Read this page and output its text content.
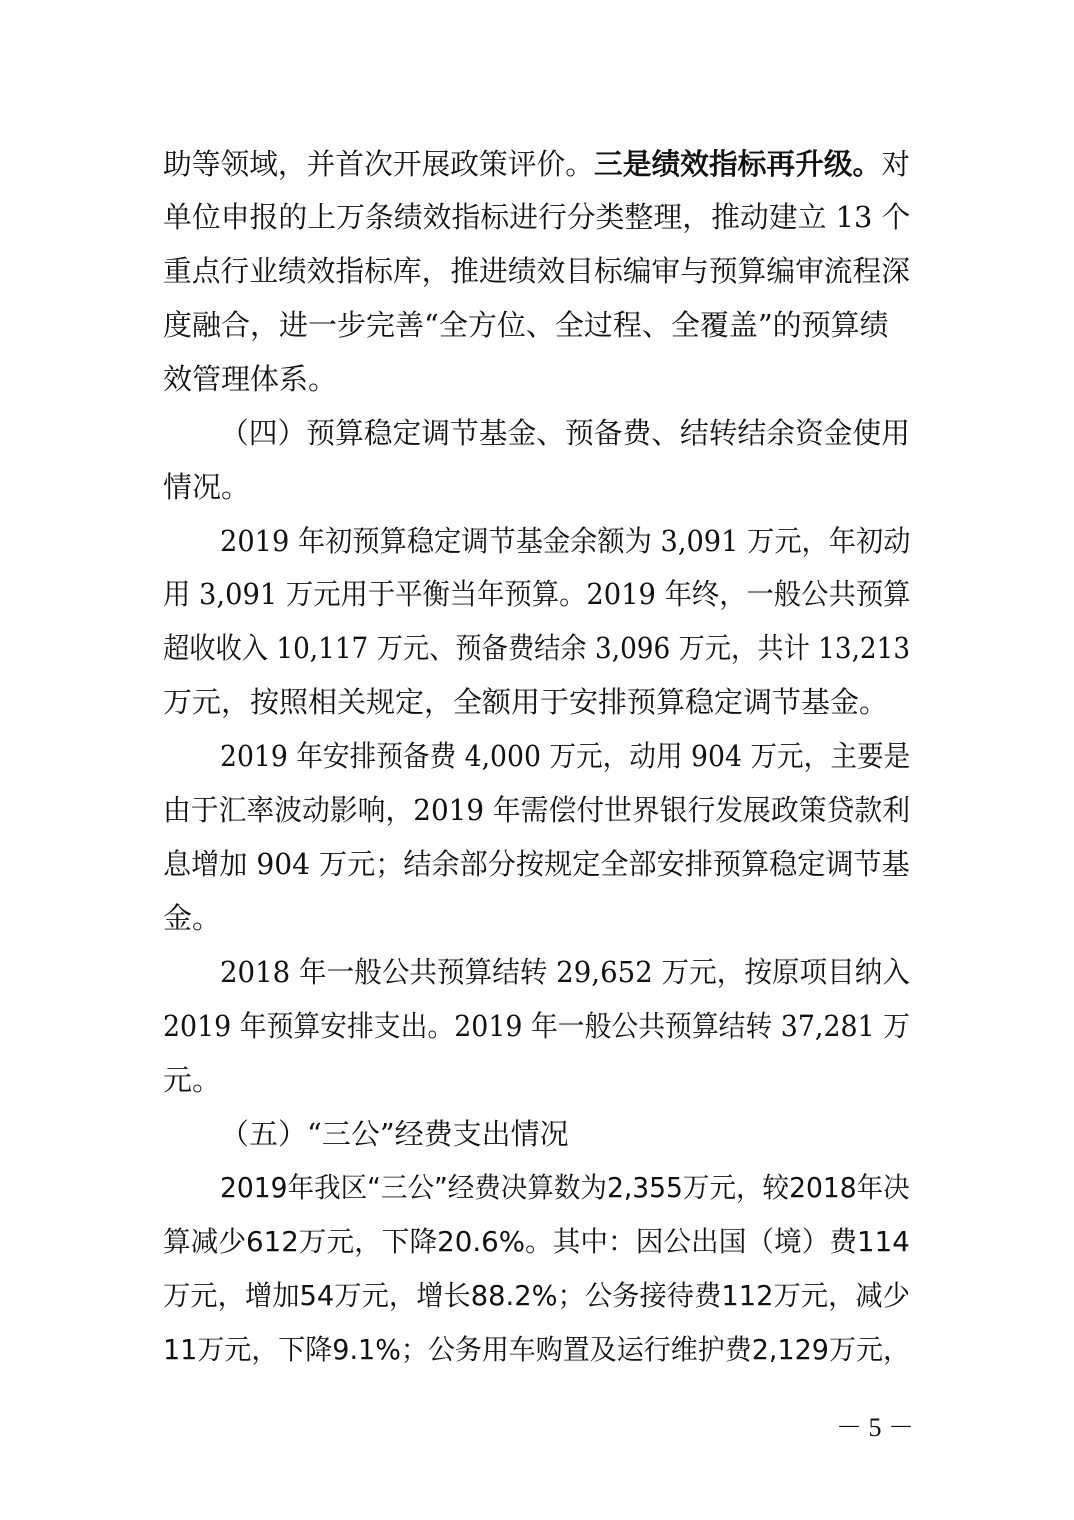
助等领域，并首次开展政策评价。三是绩效指标再升级。对
单位申报的上万条绩效指标进行分类整理，推动建立 13 个
重点行业绩效指标库，推进绩效目标编审与预算编审流程深
度融合，进一步完善“全方位、全过程、全覆盖”的预算绩
效管理体系。
（四）预算稳定调节基金、预备费、结转结余资金使用
情况。
2019 年初预算稳定调节基金余额为 3,091 万元，年初动
用 3,091 万元用于平衡当年预算。2019 年终，一般公共预算
超收收入 10,117 万元、预备费结余 3,096 万元，共计 13,213
万元，按照相关规定，全额用于安排预算稳定调节基金。
2019 年安排预备费 4,000 万元，动用 904 万元，主要是
由于汇率波动影响，2019 年需偿付世界银行发展政策贷款利
息增加 904 万元；结余部分按规定全部安排预算稳定调节基
金。
2018 年一般公共预算结转 29,652 万元，按原项目纳入
2019 年预算安排支出。2019 年一般公共预算结转 37,281 万
元。
（五）“三公”经费支出情况
2019年我区“三公”经费决算数为2,355万元，较2018年决
算减少612万元，下降20.6%。其中：因公出国（境）费114
万元，增加54万元，增长88.2%；公务接待费112万元，减少
11万元，下降9.1%；公务用车购置及运行维护费2,129万元，
－ 5 －
